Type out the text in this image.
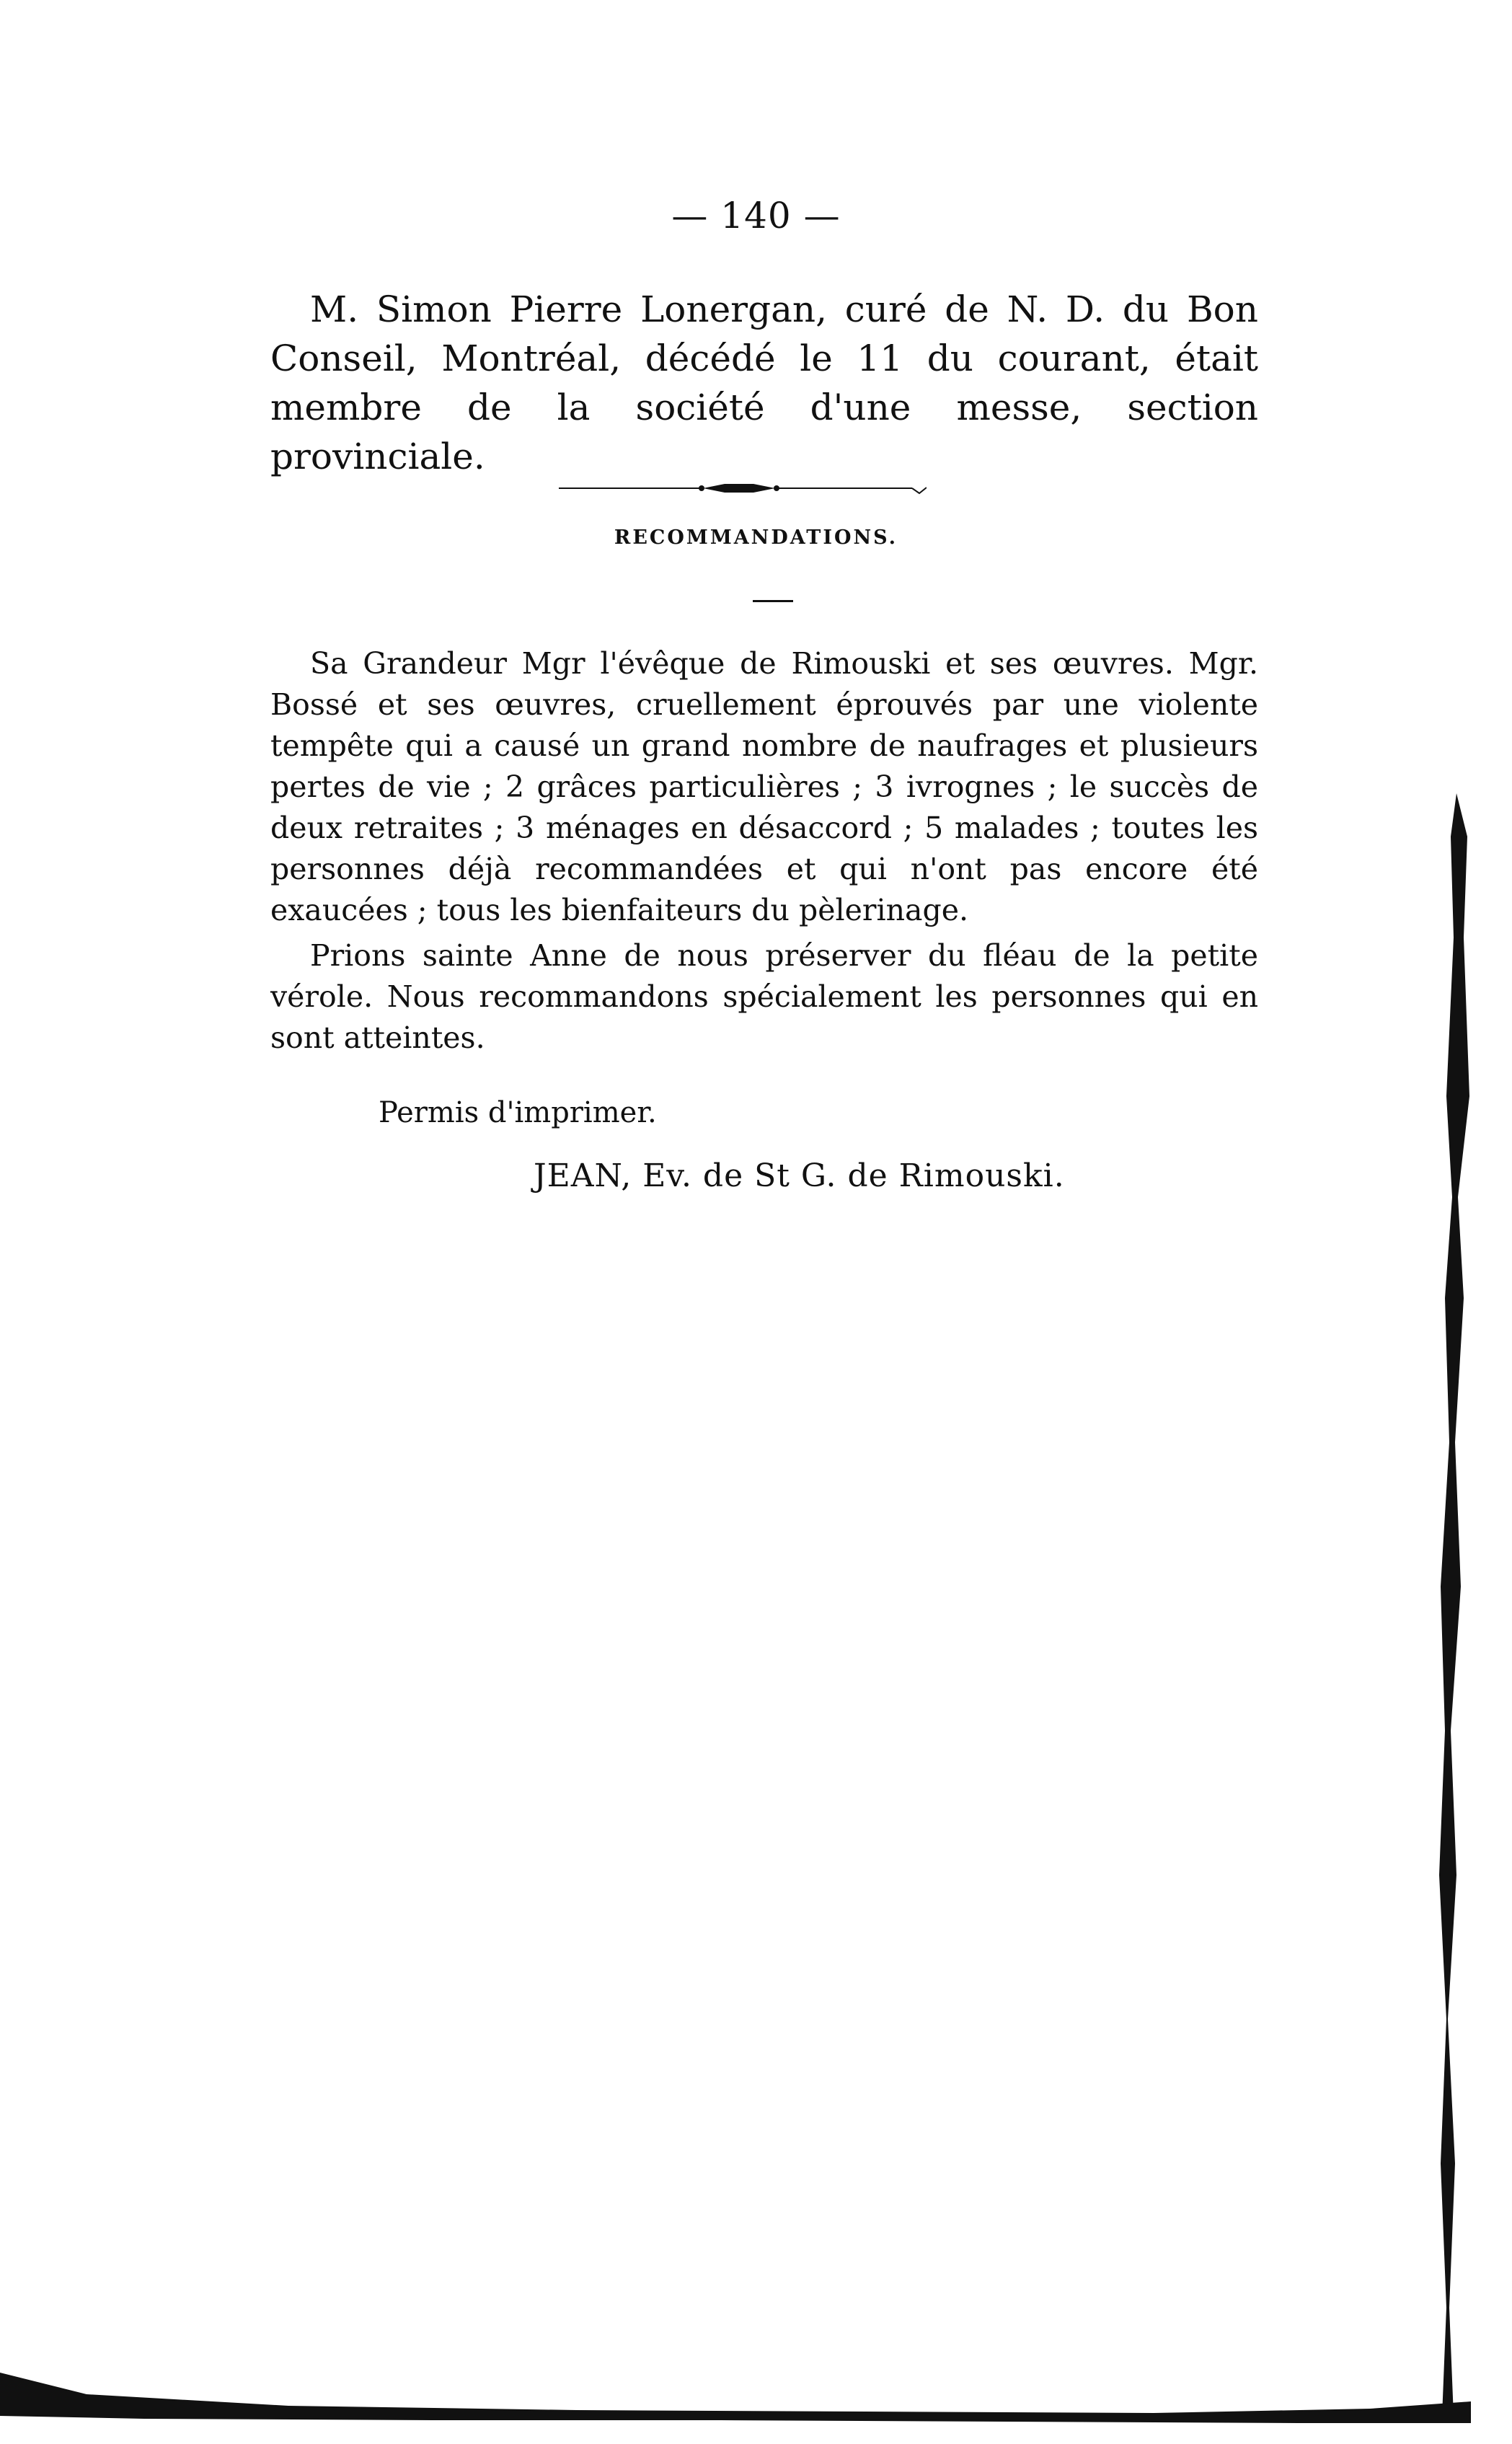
— 140 —

M. Simon Pierre Lonergan, curé de N. D. du Bon Conseil, Montréal, décédé le 11 du courant, était membre de la société d'une messe, section provinciale.

RECOMMANDATIONS.

Sa Grandeur Mgr l'évêque de Rimouski et ses œuvres. Mgr. Bossé et ses œuvres, cruellement éprouvés par une violente tempête qui a causé un grand nombre de naufrages et plusieurs pertes de vie ; 2 grâces particulières ; 3 ivrognes ; le succès de deux retraites ; 3 ménages en désaccord ; 5 malades ; toutes les personnes déjà recommandées et qui n'ont pas encore été exaucées ; tous les bienfaiteurs du pèlerinage.

Prions sainte Anne de nous préserver du fléau de la petite vérole. Nous recommandons spécialement les personnes qui en sont atteintes.

Permis d'imprimer.
JEAN, Ev. de St G. de Rimouski.
